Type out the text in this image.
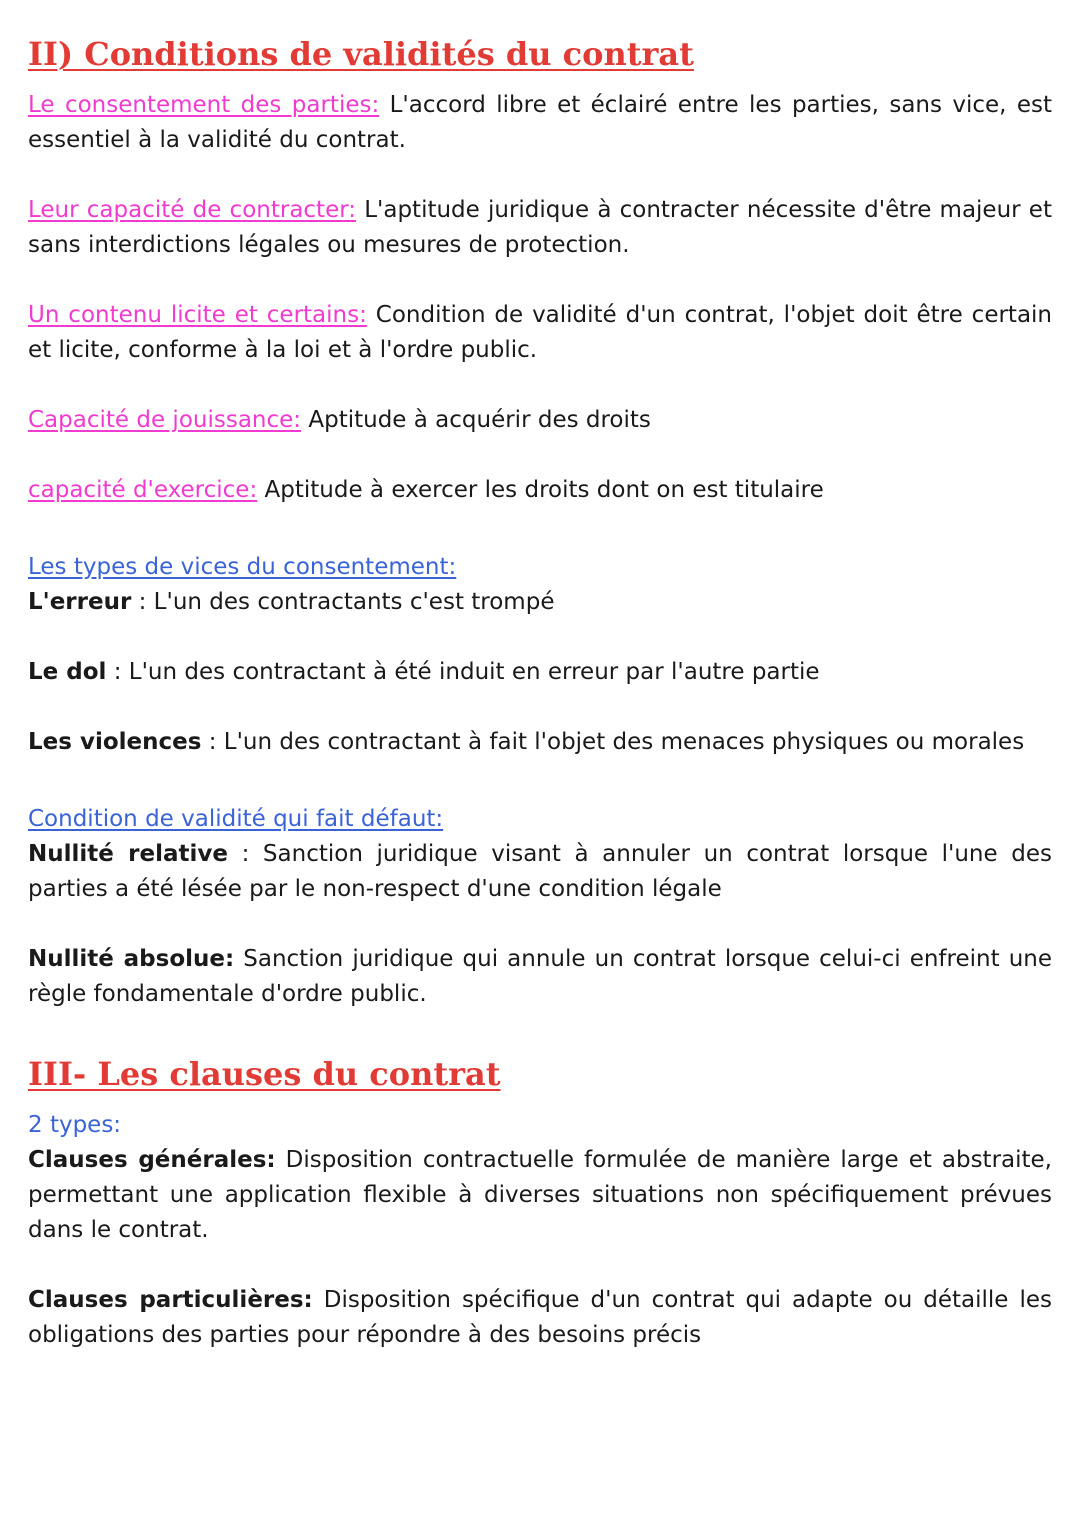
II) Conditions de validités du contrat

Le consentement des parties: L'accord libre et éclairé entre les parties, sans vice, est essentiel à la validité du contrat.

Leur capacité de contracter: L'aptitude juridique à contracter nécessite d'être majeur et sans interdictions légales ou mesures de protection.

Un contenu licite et certains: Condition de validité d'un contrat, l'objet doit être certain et licite, conforme à la loi et à l'ordre public.

Capacité de jouissance: Aptitude à acquérir des droits

capacité d'exercice: Aptitude à exercer les droits dont on est titulaire

Les types de vices du consentement:

L'erreur : L'un des contractants c'est trompé

Le dol : L'un des contractant à été induit en erreur par l'autre partie

Les violences : L'un des contractant à fait l'objet des menaces physiques ou morales

Condition de validité qui fait défaut:

Nullité relative : Sanction juridique visant à annuler un contrat lorsque l'une des parties a été lésée par le non-respect d'une condition légale

Nullité absolue: Sanction juridique qui annule un contrat lorsque celui-ci enfreint une règle fondamentale d'ordre public.

III- Les clauses du contrat
2 types:

Clauses générales: Disposition contractuelle formulée de manière large et abstraite, permettant une application flexible à diverses situations non spécifiquement prévues dans le contrat.

Clauses particulières: Disposition spécifique d'un contrat qui adapte ou détaille les obligations des parties pour répondre à des besoins précis
